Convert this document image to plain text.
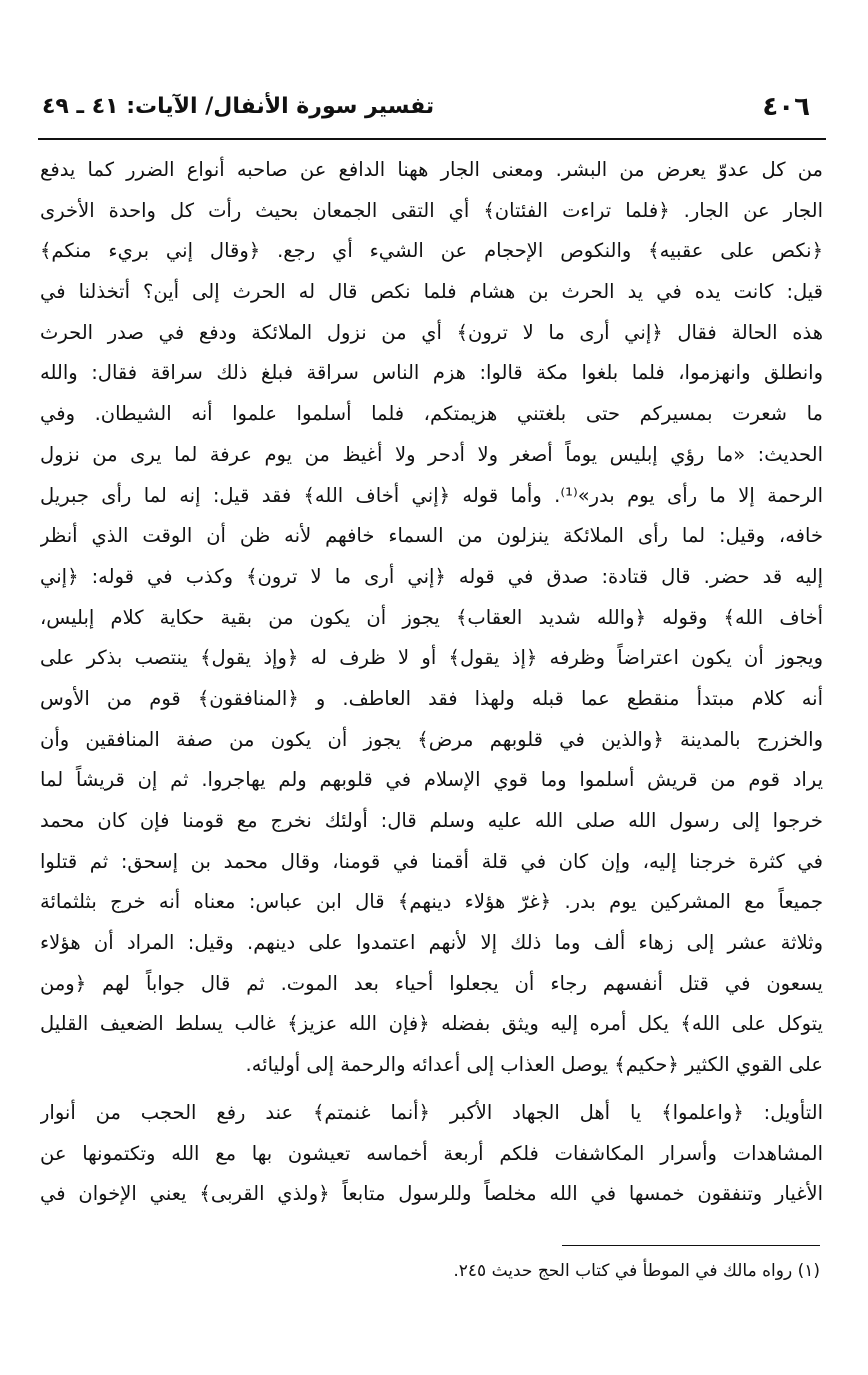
٤٠٦
تفسير سورة الأنفال/ الآيات: ٤١ ـ ٤٩
من كل عدوّ يعرض من البشر. ومعنى الجار ههنا الدافع عن صاحبه أنواع الضرر كما يدفع
الجار عن الجار. ﴿فلما تراءت الفئتان﴾ أي التقى الجمعان بحيث رأت كل واحدة الأخرى
﴿نكص على عقبيه﴾ والنكوص الإحجام عن الشيء أي رجع. ﴿وقال إني بريء منكم﴾
قيل: كانت يده في يد الحرث بن هشام فلما نكص قال له الحرث إلى أين؟ أتخذلنا في
هذه الحالة فقال ﴿إني أرى ما لا ترون﴾ أي من نزول الملائكة ودفع في صدر الحرث
وانطلق وانهزموا، فلما بلغوا مكة قالوا: هزم الناس سراقة فبلغ ذلك سراقة فقال: والله
ما شعرت بمسيركم حتى بلغتني هزيمتكم، فلما أسلموا علموا أنه الشيطان. وفي
الحديث: «ما رؤي إبليس يوماً أصغر ولا أدحر ولا أغيظ من يوم عرفة لما يرى من نزول
الرحمة إلا ما رأى يوم بدر»⁽¹⁾. وأما قوله ﴿إني أخاف الله﴾ فقد قيل: إنه لما رأى جبريل
خافه، وقيل: لما رأى الملائكة ينزلون من السماء خافهم لأنه ظن أن الوقت الذي أنظر
إليه قد حضر. قال قتادة: صدق في قوله ﴿إني أرى ما لا ترون﴾ وكذب في قوله: ﴿إني
أخاف الله﴾ وقوله ﴿والله شديد العقاب﴾ يجوز أن يكون من بقية حكاية كلام إبليس،
ويجوز أن يكون اعتراضاً وظرفه ﴿إذ يقول﴾ أو لا ظرف له ﴿وإذ يقول﴾ ينتصب بذكر على
أنه كلام مبتدأ منقطع عما قبله ولهذا فقد العاطف. و ﴿المنافقون﴾ قوم من الأوس
والخزرج بالمدينة ﴿والذين في قلوبهم مرض﴾ يجوز أن يكون من صفة المنافقين وأن
يراد قوم من قريش أسلموا وما قوي الإسلام في قلوبهم ولم يهاجروا. ثم إن قريشاً لما
خرجوا إلى رسول الله صلى الله عليه وسلم قال: أولئك نخرج مع قومنا فإن كان محمد
في كثرة خرجنا إليه، وإن كان في قلة أقمنا في قومنا، وقال محمد بن إسحق: ثم قتلوا
جميعاً مع المشركين يوم بدر. ﴿غرّ هؤلاء دينهم﴾ قال ابن عباس: معناه أنه خرج بثلثمائة
وثلاثة عشر إلى زهاء ألف وما ذلك إلا لأنهم اعتمدوا على دينهم. وقيل: المراد أن هؤلاء
يسعون في قتل أنفسهم رجاء أن يجعلوا أحياء بعد الموت. ثم قال جواباً لهم ﴿ومن
يتوكل على الله﴾ يكل أمره إليه ويثق بفضله ﴿فإن الله عزيز﴾ غالب يسلط الضعيف القليل
على القوي الكثير ﴿حكيم﴾ يوصل العذاب إلى أعدائه والرحمة إلى أوليائه.
التأويل: ﴿واعلموا﴾ يا أهل الجهاد الأكبر ﴿أنما غنمتم﴾ عند رفع الحجب من أنوار
المشاهدات وأسرار المكاشفات فلكم أربعة أخماسه تعيشون بها مع الله وتكتمونها عن
الأغيار وتنفقون خمسها في الله مخلصاً وللرسول متابعاً ﴿ولذي القربى﴾ يعني الإخوان في
(١) رواه مالك في الموطأ في كتاب الحج حديث ٢٤٥.
